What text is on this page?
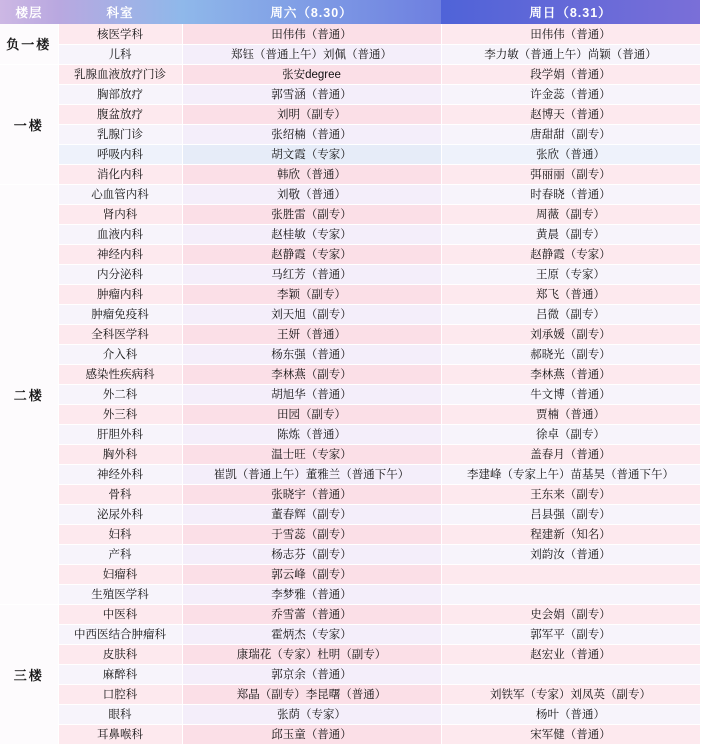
楼层	科室	周六（8.30）	周日（8.31）
负一楼	核医学科	田伟伟（普通）	田伟伟（普通）
	儿科	郑钰（普通上午）刘佩（普通）	李力敏（普通上午）尚颖（普通）
一楼	乳腺血液放疗门诊	张安degree	段学娟（普通）
	胸部放疗	郭雪涵（普通）	许金蕊（普通）
	腹盆放疗	刘明（副专）	赵博天（普通）
	乳腺门诊	张绍楠（普通）	唐甜甜（副专）
	呼吸内科	胡文霞（专家）	张欣（普通）
	消化内科	韩欣（普通）	弭丽丽（副专）
二楼	心血管内科	刘敬（普通）	时春晓（普通）
	肾内科	张胜雷（副专）	周薇（副专）
	血液内科	赵桂敏（专家）	黄晨（副专）
	神经内科	赵静霞（专家）	赵静霞（专家）
	内分泌科	马红芳（普通）	王原（专家）
	肿瘤内科	李颖（副专）	郑飞（普通）
	肿瘤免疫科	刘天旭（副专）	吕微（副专）
	全科医学科	王妍（普通）	刘承媛（副专）
	介入科	杨东强（普通）	郝晓光（副专）
	感染性疾病科	李林燕（副专）	李林燕（普通）
	外二科	胡旭华（普通）	牛文博（普通）
	外三科	田园（副专）	贾楠（普通）
	肝胆外科	陈炼（普通）	徐卓（副专）
	胸外科	温士旺（专家）	盖春月（普通）
	神经外科	崔凯（普通上午）董雅兰（普通下午）	李建峰（专家上午）苗基昊（普通下午）
	骨科	张晓宇（普通）	王东来（副专）
	泌尿外科	董春辉（副专）	吕县强（副专）
	妇科	于雪蕊（副专）	程建新（知名）
	产科	杨志芬（副专）	刘韵汝（普通）
	妇瘤科	郭云峰（副专）	
	生殖医学科	李梦雅（普通）	
三楼	中医科	乔雪蕾（普通）	史会娟（副专）
	中西医结合肿瘤科	霍炳杰（专家）	郭军平（副专）
	皮肤科	康瑞花（专家）杜明（副专）	赵宏业（普通）
	麻醉科	郭京余（普通）	
	口腔科	郑晶（副专）李昆曙（普通）	刘铁军（专家）刘凤英（副专）
	眼科	张荫（专家）	杨叶（普通）
	耳鼻喉科	邱玉童（普通）	宋军健（普通）
